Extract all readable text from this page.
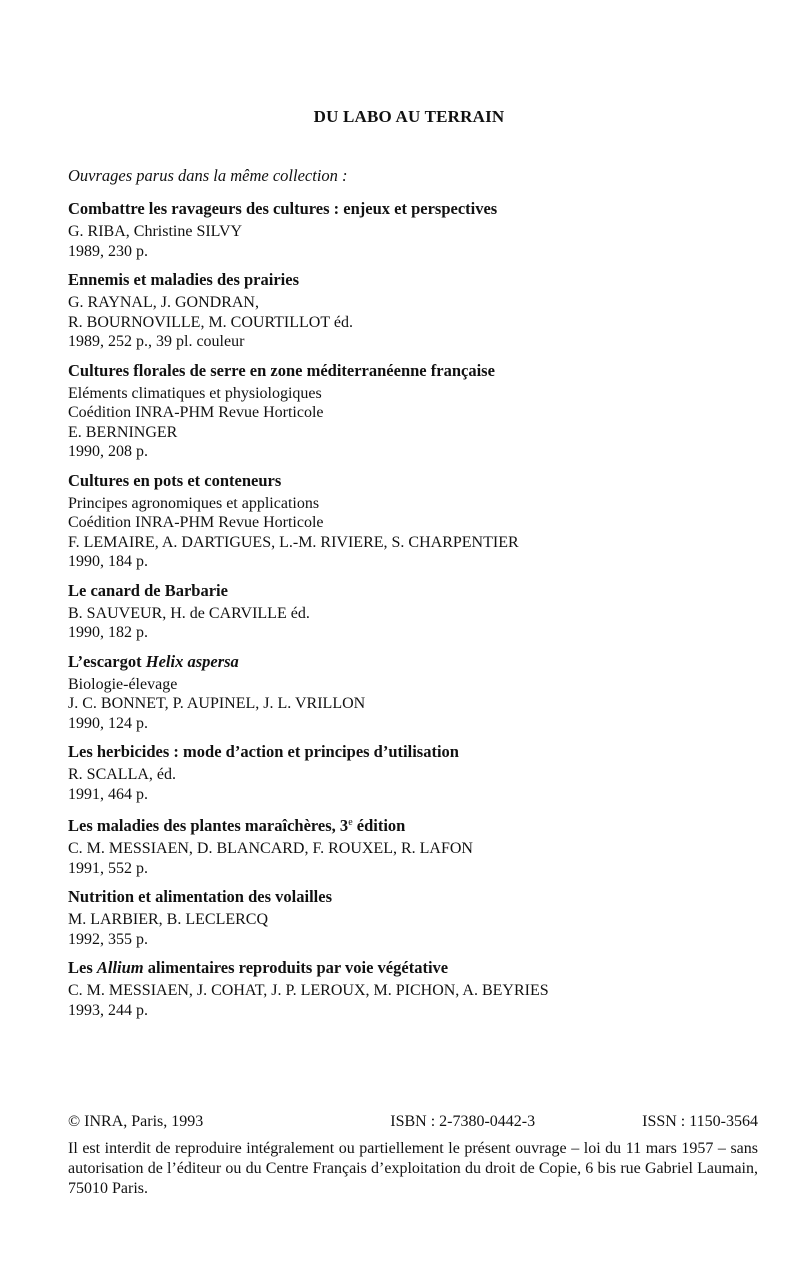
DU LABO AU TERRAIN
Ouvrages parus dans la même collection :
Combattre les ravageurs des cultures : enjeux et perspectives
G. RIBA, Christine SILVY
1989, 230 p.
Ennemis et maladies des prairies
G. RAYNAL, J. GONDRAN,
R. BOURNOVILLE, M. COURTILLOT éd.
1989, 252 p., 39 pl. couleur
Cultures florales de serre en zone méditerranéenne française
Eléments climatiques et physiologiques
Coédition INRA-PHM Revue Horticole
E. BERNINGER
1990, 208 p.
Cultures en pots et conteneurs
Principes agronomiques et applications
Coédition INRA-PHM Revue Horticole
F. LEMAIRE, A. DARTIGUES, L.-M. RIVIERE, S. CHARPENTIER
1990, 184 p.
Le canard de Barbarie
B. SAUVEUR, H. de CARVILLE éd.
1990, 182 p.
L’escargot Helix aspersa
Biologie-élevage
J. C. BONNET, P. AUPINEL, J. L. VRILLON
1990, 124 p.
Les herbicides : mode d’action et principes d’utilisation
R. SCALLA, éd.
1991, 464 p.
Les maladies des plantes maraîchères, 3e édition
C. M. MESSIAEN, D. BLANCARD, F. ROUXEL, R. LAFON
1991, 552 p.
Nutrition et alimentation des volailles
M. LARBIER, B. LECLERCQ
1992, 355 p.
Les Allium alimentaires reproduits par voie végétative
C. M. MESSIAEN, J. COHAT, J. P. LEROUX, M. PICHON, A. BEYRIES
1993, 244 p.
© INRA, Paris, 1993	ISBN : 2-7380-0442-3	ISSN : 1150-3564
Il est interdit de reproduire intégralement ou partiellement le présent ouvrage – loi du 11 mars 1957 – sans autorisation de l’éditeur ou du Centre Français d’exploitation du droit de Copie, 6 bis rue Gabriel Laumain, 75010 Paris.
